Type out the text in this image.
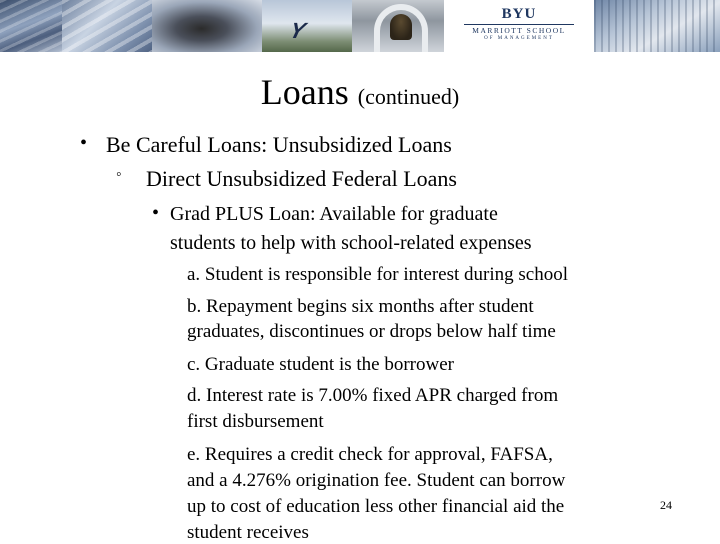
Y
BYU
MARRIOTT SCHOOL
OF MANAGEMENT
Loans (continued)
• Be Careful Loans: Unsubsidized Loans
◦ Direct Unsubsidized Federal Loans
• Grad PLUS Loan: Available for graduate
students to help with school-related expenses
a. Student is responsible for interest during school
b. Repayment begins six months after student
graduates, discontinues or drops below half time
c. Graduate student is the borrower
d. Interest rate is 7.00% fixed APR charged from
first disbursement
e. Requires a credit check for approval, FAFSA,
and a 4.276% origination fee. Student can borrow
up to cost of education less other financial aid the
student receives
24
